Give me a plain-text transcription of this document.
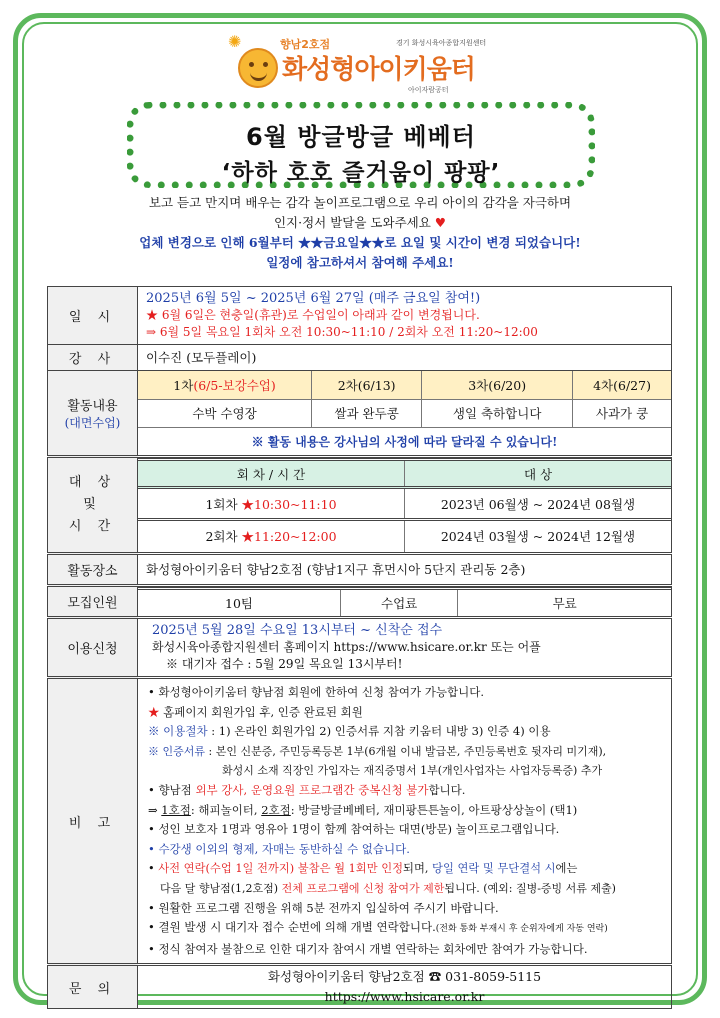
✺	향남2호점	경기 화성시육아종합지원센터
화성형아이키움터
아이자람공터
6월 방글방글 베베터
‘하하 호호 즐거움이 팡팡’
보고 듣고 만지며 배우는 감각 놀이프로그램으로 우리 아이의 감각을 자극하며
인지·정서 발달을 도와주세요 ♥
업체 변경으로 인해 6월부터 ★★금요일★★로 요일 및 시간이 변경 되었습니다!
일정에 참고하셔서 참여해 주세요!
일 시	
2025년 6월 5일 ~ 2025년 6월 27일 (매주 금요일 참여!)
★ 6월 6일은 현충일(휴관)로 수업일이 아래과 같이 변경됩니다.
⇒ 6월 5일 목요일 1회차 오전 10:30~11:10 / 2회차 오전 11:20~12:00

강 사	이수진 (모두플레이)

활동내용
(대면수업)

1차(6/5-보강수업)	2차(6/13)	3차(6/20)	4차(6/27)
수박 수영장	쌀과 완두콩	생일 축하합니다	사과가 쿵
※ 활동 내용은 강사님의 사정에 따라 달라질 수 있습니다!

대 상
및
시 간

회 차 / 시 간	대 상
1회차 ★10:30~11:10	2023년 06월생 ~ 2024년 08월생
2회차 ★11:20~12:00	2024년 03월생 ~ 2024년 12월생

활동장소	화성형아이키움터 향남2호점 (향남1지구 휴먼시아 5단지 관리동 2층)
모집인원		10팀	수업료	무료

이용신청	
2025년 5월 28일 수요일 13시부터 ~ 신착순 접수
화성시육아종합지원센터 홈페이지 https://www.hsicare.or.kr 또는 어플
※ 대기자 접수 : 5월 29일 목요일 13시부터!

비 고	
• 화성형아이키움터 향남점 회원에 한하여 신청 참여가 가능합니다.
★ 홈페이지 회원가입 후, 인증 완료된 회원
※ 이용절차 : 1) 온라인 회원가입 2) 인증서류 지참 키움터 내방 3) 인증 4) 이용
※ 인증서류 : 본인 신분증, 주민등록등본 1부(6개월 이내 발급본, 주민등록번호 뒷자리 미기재),
화성시 소재 직장인 가입자는 재직증명서 1부(개인사업자는 사업자등록증) 추가
• 향남점 외부 강사, 운영요원 프로그램간 중복신청 불가합니다.
⇒ 1호점: 해피놀이터, 2호점: 방글방글베베터, 재미팡튼튼놀이, 아트팡상상놀이 (택1)
• 성인 보호자 1명과 영유아 1명이 함께 참여하는 대면(방문) 놀이프로그램입니다.
• 수강생 이외의 형제, 자매는 동반하실 수 없습니다.
• 사전 연락(수업 1일 전까지) 불참은 월 1회만 인정되며, 당일 연락 및 무단결석 시에는
다음 달 향남점(1,2호점) 전체 프로그램에 신청 참여가 제한됩니다. (예외: 질병-증빙 서류 제출)
• 원활한 프로그램 진행을 위해 5분 전까지 입실하여 주시기 바랍니다.
• 결원 발생 시 대기자 접수 순번에 의해 개별 연락합니다.(전화 통화 부재시 후 순위자에게 자동 연락)
• 정식 참여자 불참으로 인한 대기자 참여시 개별 연락하는 회차에만 참여가 가능합니다.

문 의	
화성형아이키움터 향남2호점 ☎ 031-8059-5115
https://www.hsicare.or.kr
